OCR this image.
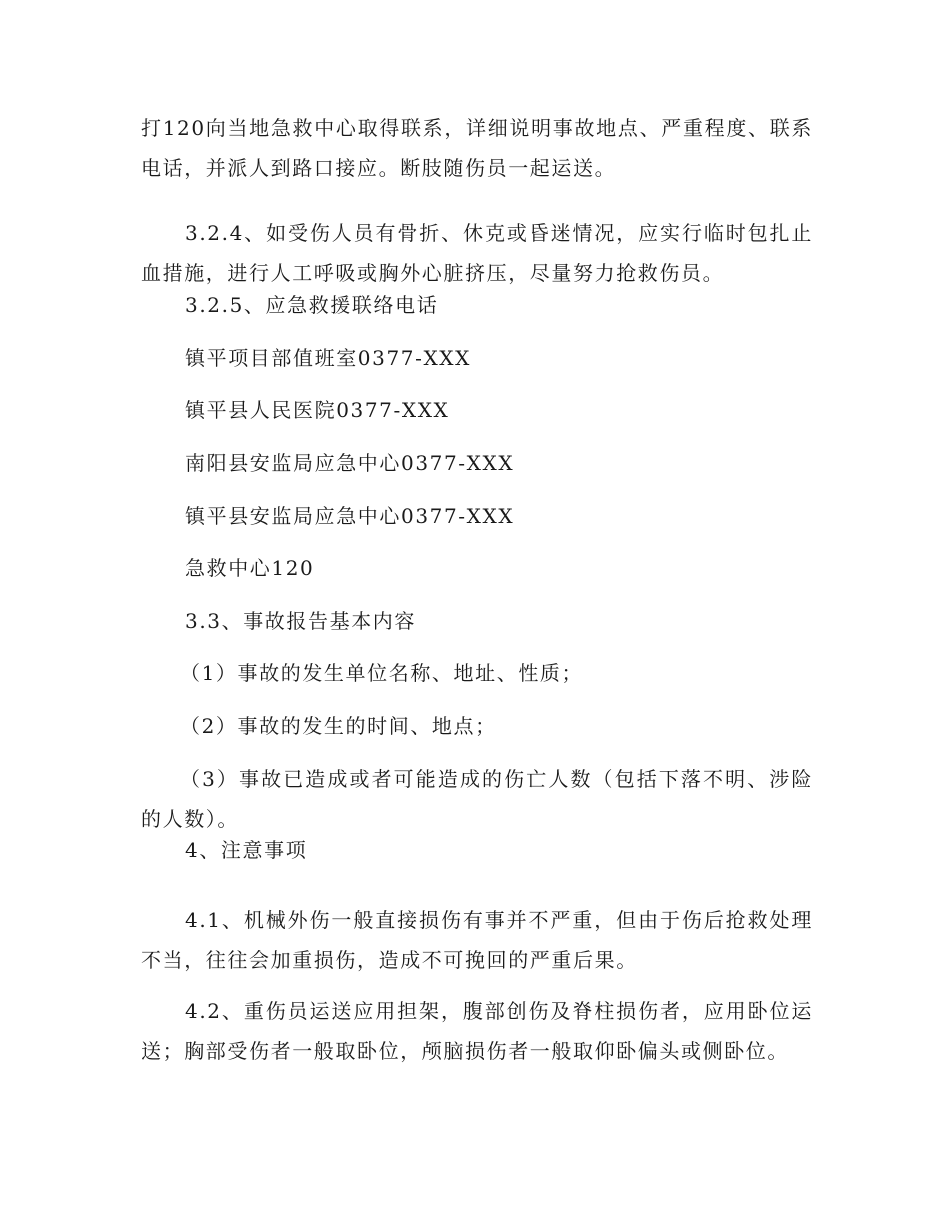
打120向当地急救中心取得联系，详细说明事故地点、严重程度、联系电话，并派人到路口接应。断肢随伤员一起运送。

3.2.4、如受伤人员有骨折、休克或昏迷情况，应实行临时包扎止血措施，进行人工呼吸或胸外心脏挤压，尽量努力抢救伤员。

3.2.5、应急救援联络电话

镇平项目部值班室0377-XXX

镇平县人民医院0377-XXX

南阳县安监局应急中心0377-XXX

镇平县安监局应急中心0377-XXX

急救中心120

3.3、事故报告基本内容

（1）事故的发生单位名称、地址、性质；

（2）事故的发生的时间、地点；

（3）事故已造成或者可能造成的伤亡人数（包括下落不明、涉险的人数）。

4、注意事项

4.1、机械外伤一般直接损伤有事并不严重，但由于伤后抢救处理不当，往往会加重损伤，造成不可挽回的严重后果。

4.2、重伤员运送应用担架，腹部创伤及脊柱损伤者，应用卧位运送；胸部受伤者一般取卧位，颅脑损伤者一般取仰卧偏头或侧卧位。
